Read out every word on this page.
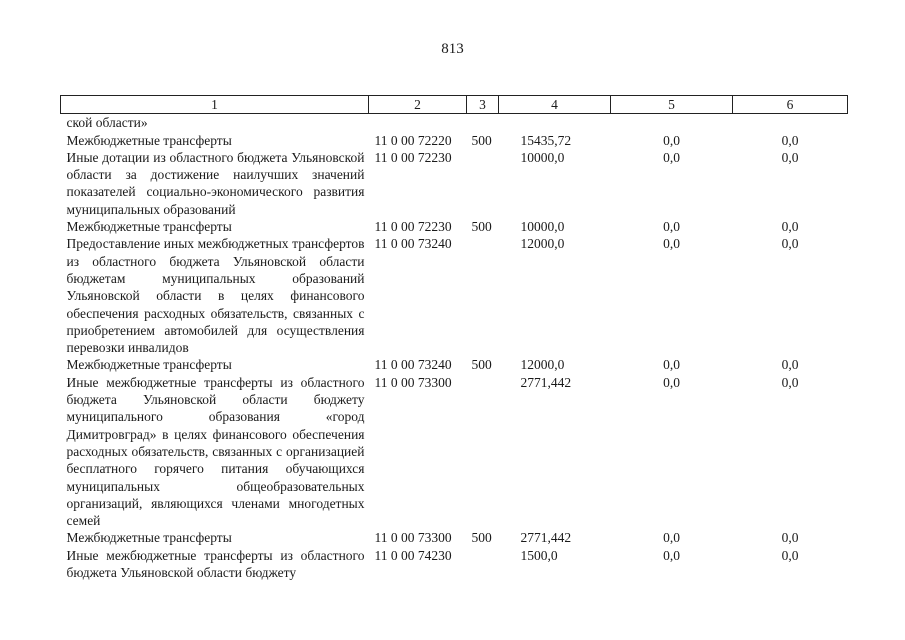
813
1	2	3	4	5	6
ской области»					
Межбюджетные трансферты	11 0 00 72220	500	15435,72	0,0	0,0
Иные дотации из областного бюджета Ульяновской области за достижение наилучших значений показателей социально-экономического развития муниципальных образований	11 0 00 72230		10000,0	0,0	0,0
Межбюджетные трансферты	11 0 00 72230	500	10000,0	0,0	0,0
Предоставление иных межбюджетных трансфертов из областного бюджета Ульяновской области бюджетам муниципальных образований Ульяновской области в целях финансового обеспечения расходных обязательств, связанных с приобретением автомобилей для осуществления перевозки инвалидов	11 0 00 73240		12000,0	0,0	0,0
Межбюджетные трансферты	11 0 00 73240	500	12000,0	0,0	0,0
Иные межбюджетные трансферты из областного бюджета Ульяновской области бюджету муниципального образования «город Димитровград» в целях финансового обеспечения расходных обязательств, связанных с организацией бесплатного горячего питания обучающихся муниципальных общеобразовательных организаций, являющихся членами многодетных семей	11 0 00 73300		2771,442	0,0	0,0
Межбюджетные трансферты	11 0 00 73300	500	2771,442	0,0	0,0
Иные межбюджетные трансферты из областного бюджета Ульяновской области бюджету	11 0 00 74230		1500,0	0,0	0,0
